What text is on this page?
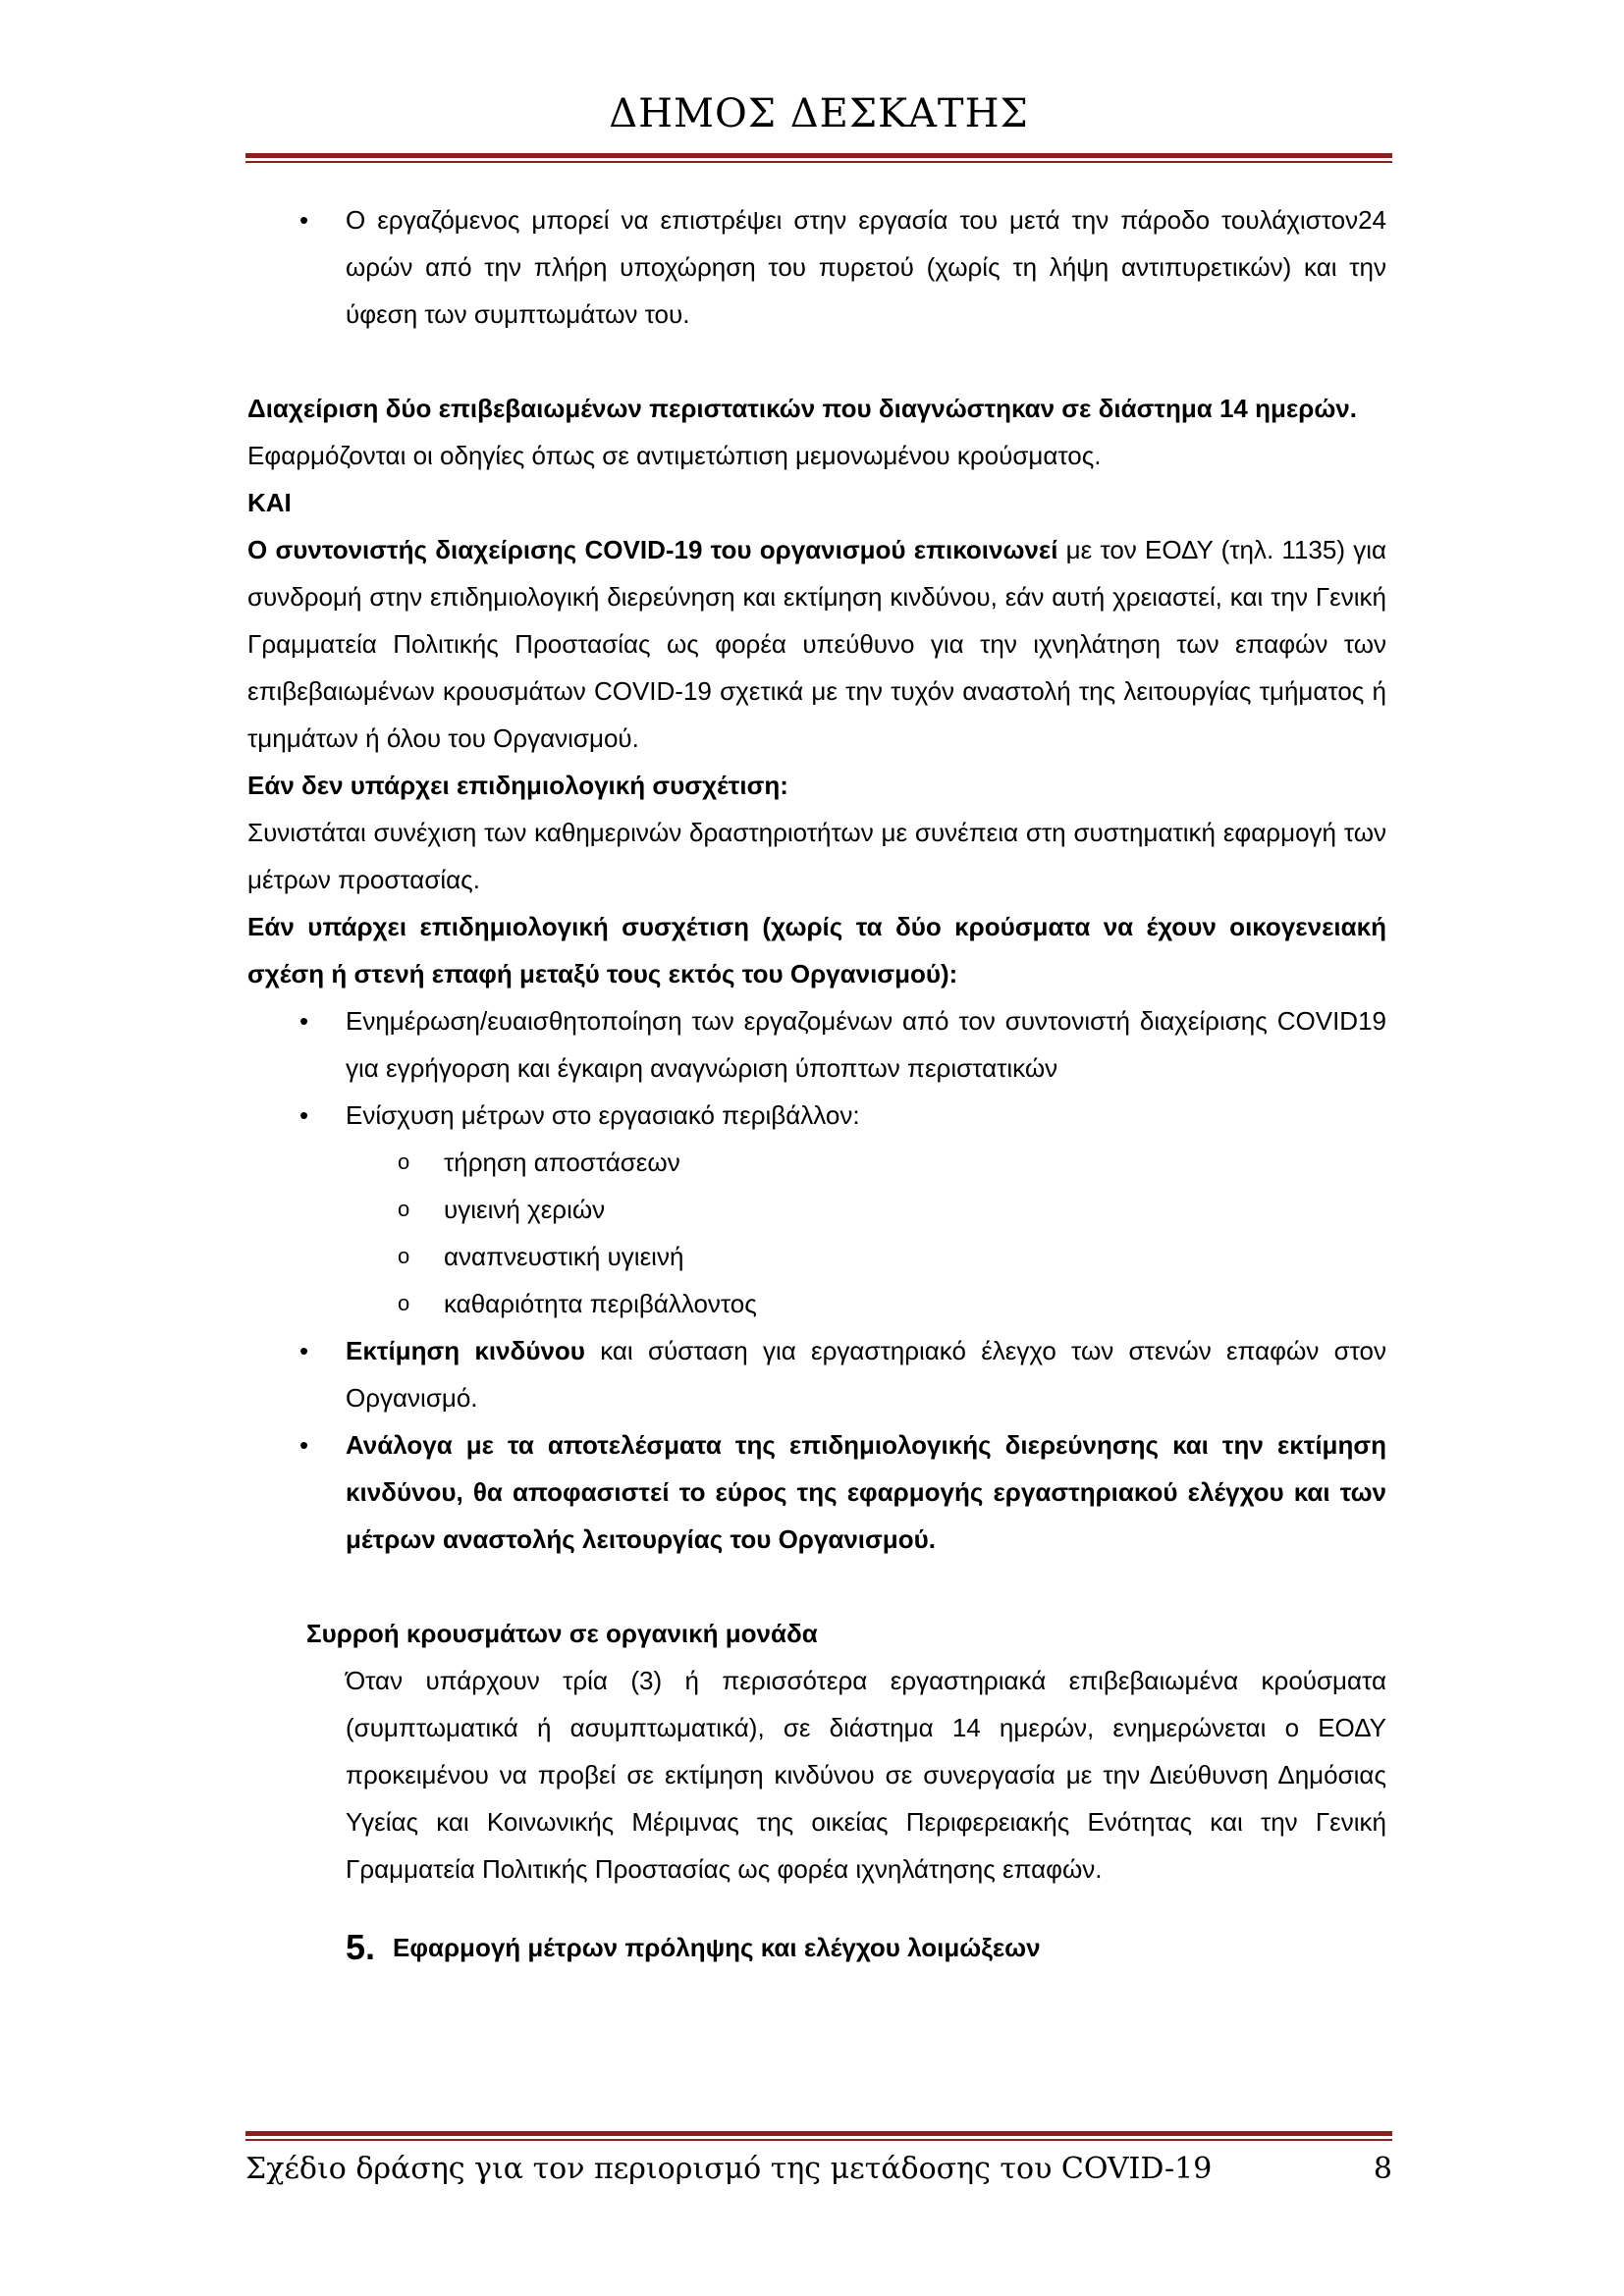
ΔΗΜΟΣ ΔΕΣΚΑΤΗΣ
• Ο εργαζόμενος μπορεί να επιστρέψει στην εργασία του μετά την πάροδο τουλάχιστον24 ωρών από την πλήρη υποχώρηση του πυρετού (χωρίς τη λήψη αντιπυρετικών) και την ύφεση των συμπτωμάτων του.

Διαχείριση δύο επιβεβαιωμένων περιστατικών που διαγνώστηκαν σε διάστημα 14 ημερών.

Εφαρμόζονται οι οδηγίες όπως σε αντιμετώπιση μεμονωμένου κρούσματος.

ΚΑΙ

Ο συντονιστής διαχείρισης COVID-19 του οργανισμού επικοινωνεί με τον ΕΟΔΥ (τηλ. 1135) για συνδρομή στην επιδημιολογική διερεύνηση και εκτίμηση κινδύνου, εάν αυτή χρειαστεί, και την Γενική Γραμματεία Πολιτικής Προστασίας ως φορέα υπεύθυνο για την ιχνηλάτηση των επαφών των επιβεβαιωμένων κρουσμάτων COVID-19 σχετικά με την τυχόν αναστολή της λειτουργίας τμήματος ή τμημάτων ή όλου του Οργανισμού.

Εάν δεν υπάρχει επιδημιολογική συσχέτιση:

Συνιστάται συνέχιση των καθημερινών δραστηριοτήτων με συνέπεια στη συστηματική εφαρμογή των μέτρων προστασίας.

Εάν υπάρχει επιδημιολογική συσχέτιση (χωρίς τα δύο κρούσματα να έχουν οικογενειακή σχέση ή στενή επαφή μεταξύ τους εκτός του Οργανισμού):

• Ενημέρωση/ευαισθητοποίηση των εργαζομένων από τον συντονιστή διαχείρισης COVID19 για εγρήγορση και έγκαιρη αναγνώριση ύποπτων περιστατικών

• Ενίσχυση μέτρων στο εργασιακό περιβάλλον:

o τήρηση αποστάσεων
o υγιεινή χεριών
o αναπνευστική υγιεινή
o καθαριότητα περιβάλλοντος
• Εκτίμηση κινδύνου και σύσταση για εργαστηριακό έλεγχο των στενών επαφών στον Οργανισμό.

• Ανάλογα με τα αποτελέσματα της επιδημιολογικής διερεύνησης και την εκτίμηση κινδύνου, θα αποφασιστεί το εύρος της εφαρμογής εργαστηριακού ελέγχου και των μέτρων αναστολής λειτουργίας του Οργανισμού.

Συρροή κρουσμάτων σε οργανική μονάδα

Όταν υπάρχουν τρία (3) ή περισσότερα εργαστηριακά επιβεβαιωμένα κρούσματα (συμπτωματικά ή ασυμπτωματικά), σε διάστημα 14 ημερών, ενημερώνεται ο ΕΟΔΥ προκειμένου να προβεί σε εκτίμηση κινδύνου σε συνεργασία με την Διεύθυνση Δημόσιας Υγείας και Κοινωνικής Μέριμνας της οικείας Περιφερειακής Ενότητας και την Γενική Γραμματεία Πολιτικής Προστασίας ως φορέα ιχνηλάτησης επαφών.

5. Εφαρμογή μέτρων πρόληψης και ελέγχου λοιμώξεων
Σχέδιο δράσης για τον περιορισμό της μετάδοσης του COVID-19	8
